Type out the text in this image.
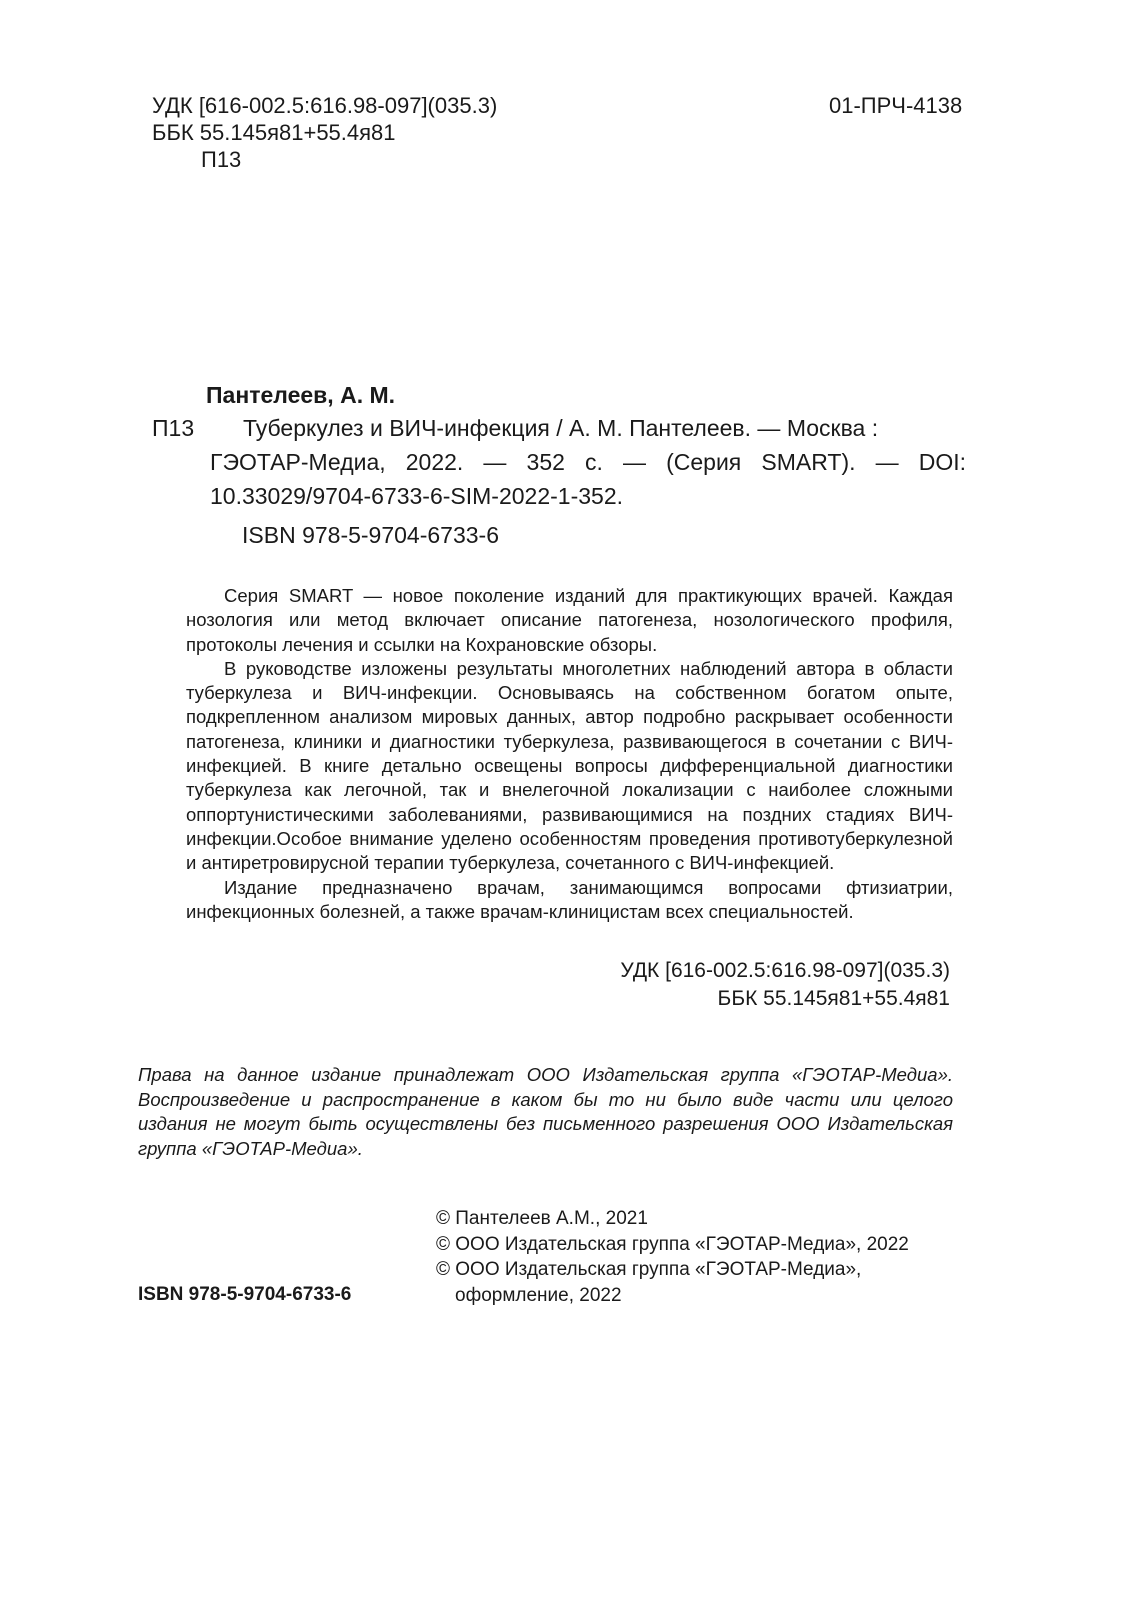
УДК [616-002.5:616.98-097](035.3)
ББК 55.145я81+55.4я81
П13
01-ПРЧ-4138
Пантелеев, А. М.
П13	Туберкулез и ВИЧ-инфекция / А. М. Пантелеев. — Москва :
ГЭОТАР-Медиа, 2022. — 352 с. — (Серия SMART). — DOI:
10.33029/9704-6733-6-SIM-2022-1-352.
ISBN 978-5-9704-6733-6

Серия SMART — новое поколение изданий для практикующих врачей. Каждая нозология или метод включает описание патогенеза, нозологического профиля, протоколы лечения и ссылки на Кохрановские обзоры.

В руководстве изложены результаты многолетних наблюдений автора в области туберкулеза и ВИЧ-инфекции. Основываясь на собственном богатом опыте, подкрепленном анализом мировых данных, автор подробно раскрывает особенности патогенеза, клиники и диагностики туберкулеза, развивающегося в сочетании с ВИЧ-инфекцией. В книге детально освещены вопросы дифференциальной диагностики туберкулеза как легочной, так и внелегочной локализации с наиболее сложными оппортунистическими заболеваниями, развивающимися на поздних стадиях ВИЧ-инфекции.Особое внимание уделено особенностям проведения противотуберкулезной и антиретровирусной терапии туберкулеза, сочетанного с ВИЧ-инфекцией.

Издание предназначено врачам, занимающимся вопросами фтизиатрии, инфекционных болезней, а также врачам-клиницистам всех специальностей.

УДК [616-002.5:616.98-097](035.3)
ББК 55.145я81+55.4я81
Права на данное издание принадлежат ООО Издательская группа «ГЭОТАР-Медиа». Воспроизведение и распространение в каком бы то ни было виде части или целого издания не могут быть осуществлены без письменного разрешения ООО Издательская группа «ГЭОТАР-Медиа».
ISBN 978-5-9704-6733-6
© Пантелеев А.М., 2021
© ООО Издательская группа «ГЭОТАР-Медиа», 2022
© ООО Издательская группа «ГЭОТАР-Медиа»,
оформление, 2022
